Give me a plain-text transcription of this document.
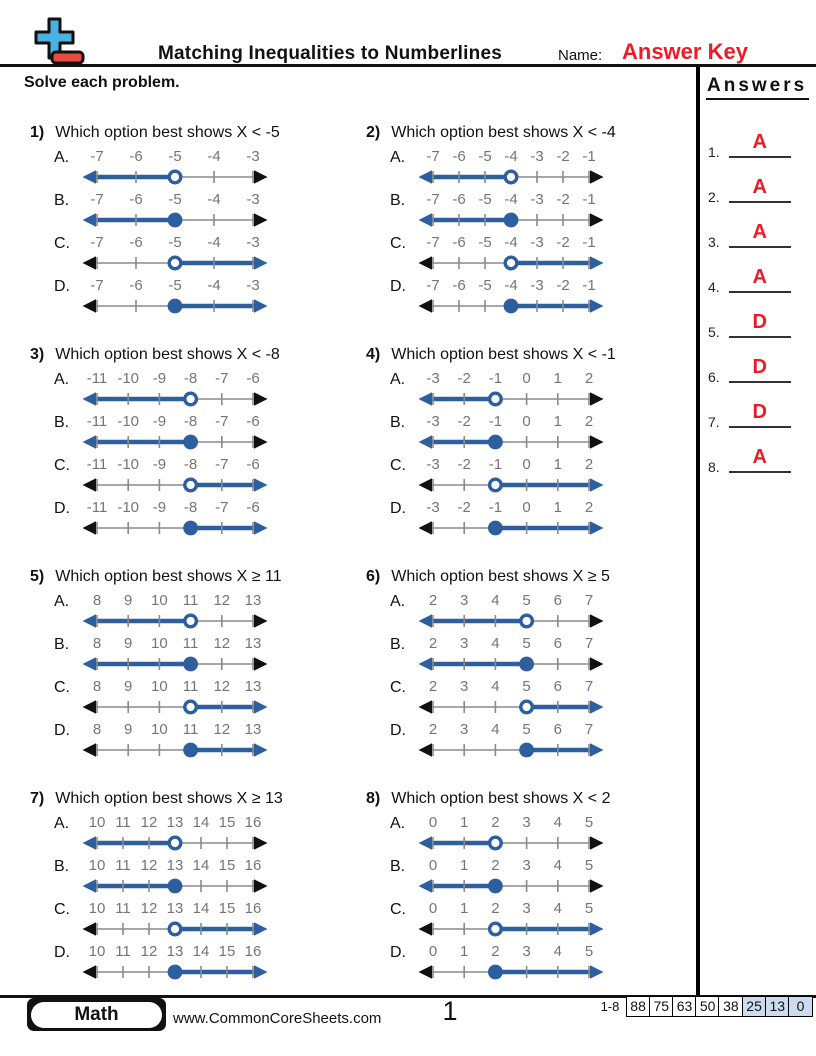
Matching Inequalities to Numberlines	Name: Answer Key
Solve each problem.
1) Which option best shows X < -5
A.	-7 -6 -5 -4 -3
B.	-7 -6 -5 -4 -3
C.	-7 -6 -5 -4 -3
D.	-7 -6 -5 -4 -3
2) Which option best shows X < -4
A.	-7 -6 -5 -4 -3 -2 -1
B.	-7 -6 -5 -4 -3 -2 -1
C.	-7 -6 -5 -4 -3 -2 -1
D.	-7 -6 -5 -4 -3 -2 -1
3) Which option best shows X < -8
A.	-11 -10 -9 -8 -7 -6
B.	-11 -10 -9 -8 -7 -6
C.	-11 -10 -9 -8 -7 -6
D.	-11 -10 -9 -8 -7 -6
4) Which option best shows X < -1
A.	-3 -2 -1 0 1 2
B.	-3 -2 -1 0 1 2
C.	-3 -2 -1 0 1 2
D.	-3 -2 -1 0 1 2
5) Which option best shows X ≥ 11
A.	8 9 10 11 12 13
B.	8 9 10 11 12 13
C.	8 9 10 11 12 13
D.	8 9 10 11 12 13
6) Which option best shows X ≥ 5
A.	2 3 4 5 6 7
B.	2 3 4 5 6 7
C.	2 3 4 5 6 7
D.	2 3 4 5 6 7
7) Which option best shows X ≥ 13
A.	10 11 12 13 14 15 16
B.	10 11 12 13 14 15 16
C.	10 11 12 13 14 15 16
D.	10 11 12 13 14 15 16
8) Which option best shows X < 2
A.	0 1 2 3 4 5
B.	0 1 2 3 4 5
C.	0 1 2 3 4 5
D.	0 1 2 3 4 5
Answers
1.	A
2.	A
3.	A
4.	A
5.	D
6.	D
7.	D
8.	A
Math	www.CommonCoreSheets.com	1	1-8 88 75 63 50 38 25 13 0
